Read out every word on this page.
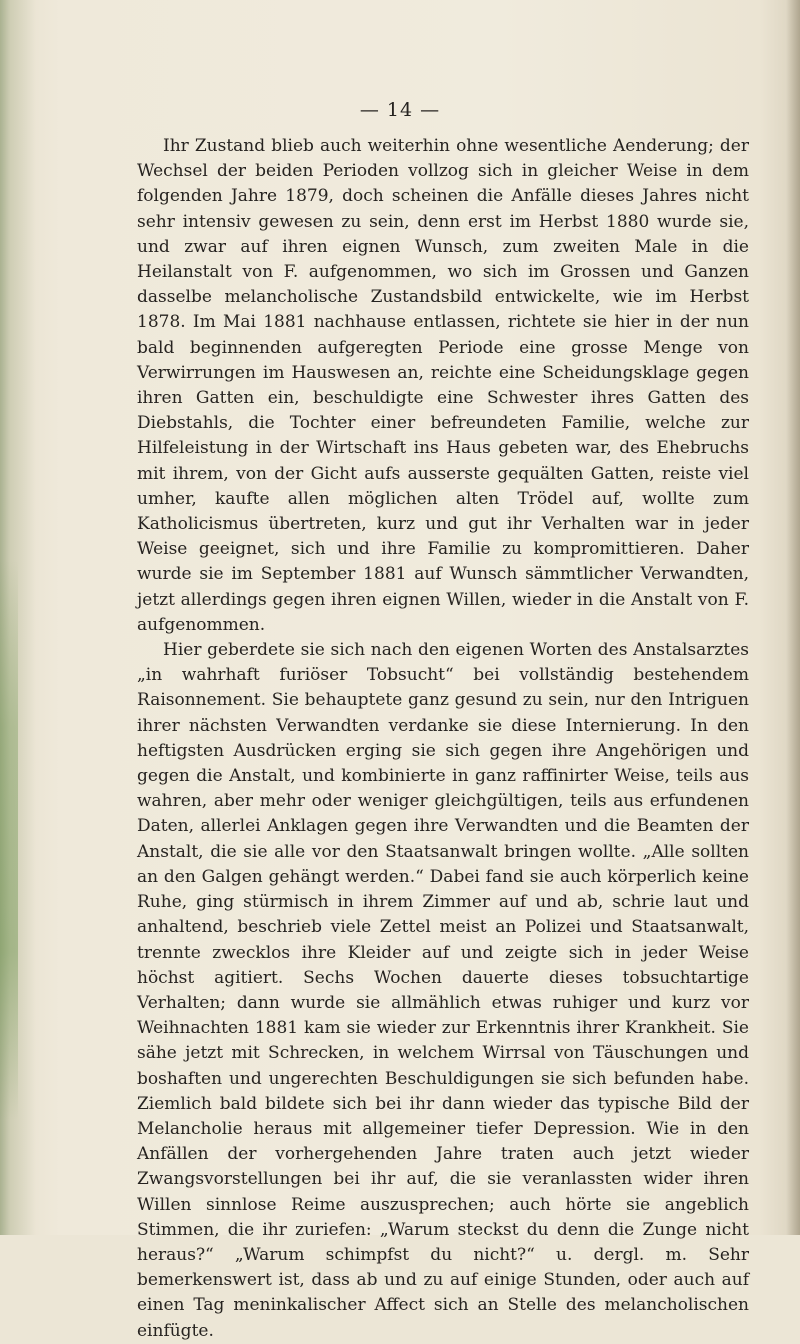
— 14 —

Ihr Zustand blieb auch weiterhin ohne wesentliche Aenderung; der Wechsel der beiden Perioden vollzog sich in gleicher Weise in dem folgenden Jahre 1879, doch scheinen die Anfälle dieses Jahres nicht sehr intensiv gewesen zu sein, denn erst im Herbst 1880 wurde sie, und zwar auf ihren eignen Wunsch, zum zweiten Male in die Heilanstalt von F. aufgenommen, wo sich im Grossen und Ganzen dasselbe melancholische Zustandsbild entwickelte, wie im Herbst 1878. Im Mai 1881 nachhause entlassen, richtete sie hier in der nun bald beginnenden aufgeregten Periode eine grosse Menge von Verwirrungen im Hauswesen an, reichte eine Scheidungsklage gegen ihren Gatten ein, beschuldigte eine Schwester ihres Gatten des Diebstahls, die Tochter einer befreundeten Familie, welche zur Hilfeleistung in der Wirtschaft ins Haus gebeten war, des Ehebruchs mit ihrem, von der Gicht aufs ausserste gequälten Gatten, reiste viel umher, kaufte allen möglichen alten Trödel auf, wollte zum Katholicismus übertreten, kurz und gut ihr Verhalten war in jeder Weise geeignet, sich und ihre Familie zu kompromittieren. Daher wurde sie im September 1881 auf Wunsch sämmtlicher Verwandten, jetzt allerdings gegen ihren eignen Willen, wieder in die Anstalt von F. aufgenommen.

Hier geberdete sie sich nach den eigenen Worten des Anstalsarztes „in wahrhaft furiöser Tobsucht“ bei vollständig bestehendem Raisonnement. Sie behauptete ganz gesund zu sein, nur den Intriguen ihrer nächsten Verwandten verdanke sie diese Internierung. In den heftigsten Ausdrücken erging sie sich gegen ihre Angehörigen und gegen die Anstalt, und kombinierte in ganz raffinirter Weise, teils aus wahren, aber mehr oder weniger gleichgültigen, teils aus erfundenen Daten, allerlei Anklagen gegen ihre Verwandten und die Beamten der Anstalt, die sie alle vor den Staatsanwalt bringen wollte. „Alle sollten an den Galgen gehängt werden.“ Dabei fand sie auch körperlich keine Ruhe, ging stürmisch in ihrem Zimmer auf und ab, schrie laut und anhaltend, beschrieb viele Zettel meist an Polizei und Staatsanwalt, trennte zwecklos ihre Kleider auf und zeigte sich in jeder Weise höchst agitiert. Sechs Wochen dauerte dieses tobsuchtartige Verhalten; dann wurde sie allmählich etwas ruhiger und kurz vor Weihnachten 1881 kam sie wieder zur Erkenntnis ihrer Krankheit. Sie sähe jetzt mit Schrecken, in welchem Wirrsal von Täuschungen und boshaften und ungerechten Beschuldigungen sie sich befunden habe. Ziemlich bald bildete sich bei ihr dann wieder das typische Bild der Melancholie heraus mit allgemeiner tiefer Depression. Wie in den Anfällen der vorhergehenden Jahre traten auch jetzt wieder Zwangsvorstellungen bei ihr auf, die sie veranlassten wider ihren Willen sinnlose Reime auszusprechen; auch hörte sie angeblich Stimmen, die ihr zuriefen: „Warum steckst du denn die Zunge nicht heraus?“ „Warum schimpfst du nicht?“ u. dergl. m. Sehr bemerkenswert ist, dass ab und zu auf einige Stunden, oder auch auf einen Tag meninkalischer Affect sich an Stelle des melancholischen einfügte.
